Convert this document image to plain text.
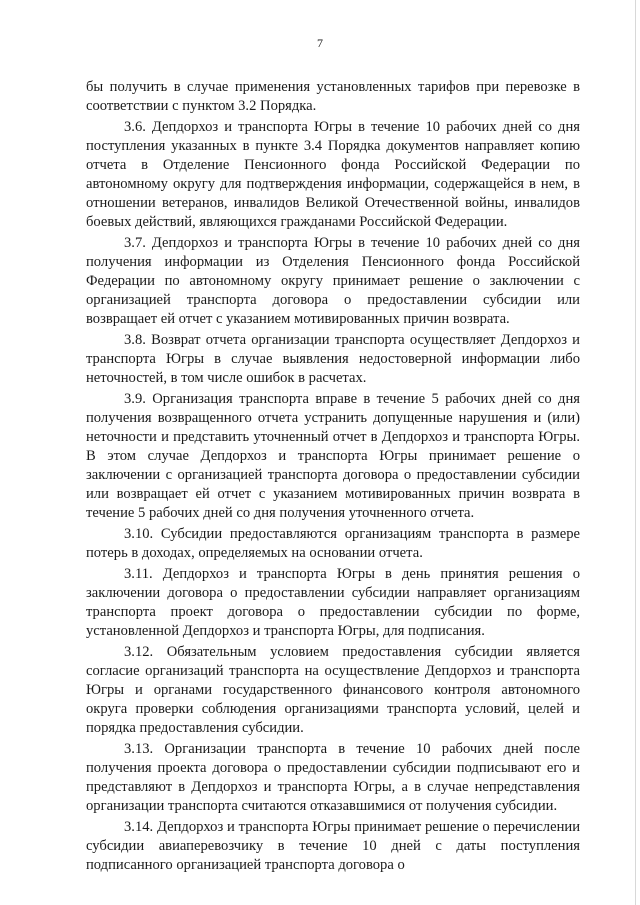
7

бы получить в случае применения установленных тарифов при перевозке в соответствии с пунктом 3.2 Порядка.

3.6. Депдорхоз и транспорта Югры в течение 10 рабочих дней со дня поступления указанных в пункте 3.4 Порядка документов направляет копию отчета в Отделение Пенсионного фонда Российской Федерации по автономному округу для подтверждения информации, содержащейся в нем, в отношении ветеранов, инвалидов Великой Отечественной войны, инвалидов боевых действий, являющихся гражданами Российской Федерации.

3.7. Депдорхоз и транспорта Югры в течение 10 рабочих дней со дня получения информации из Отделения Пенсионного фонда Российской Федерации по автономному округу принимает решение о заключении с организацией транспорта договора о предоставлении субсидии или возвращает ей отчет с указанием мотивированных причин возврата.

3.8. Возврат отчета организации транспорта осуществляет Депдорхоз и транспорта Югры в случае выявления недостоверной информации либо неточностей, в том числе ошибок в расчетах.

3.9. Организация транспорта вправе в течение 5 рабочих дней со дня получения возвращенного отчета устранить допущенные нарушения и (или) неточности и представить уточненный отчет в Депдорхоз и транспорта Югры. В этом случае Депдорхоз и транспорта Югры принимает решение о заключении с организацией транспорта договора о предоставлении субсидии или возвращает ей отчет с указанием мотивированных причин возврата в течение 5 рабочих дней со дня получения уточненного отчета.

3.10. Субсидии предоставляются организациям транспорта в размере потерь в доходах, определяемых на основании отчета.

3.11. Депдорхоз и транспорта Югры в день принятия решения о заключении договора о предоставлении субсидии направляет организациям транспорта проект договора о предоставлении субсидии по форме, установленной Депдорхоз и транспорта Югры, для подписания.

3.12. Обязательным условием предоставления субсидии является согласие организаций транспорта на осуществление Депдорхоз и транспорта Югры и органами государственного финансового контроля автономного округа проверки соблюдения организациями транспорта условий, целей и порядка предоставления субсидии.

3.13. Организации транспорта в течение 10 рабочих дней после получения проекта договора о предоставлении субсидии подписывают его и представляют в Депдорхоз и транспорта Югры, а в случае непредставления организации транспорта считаются отказавшимися от получения субсидии.

3.14. Депдорхоз и транспорта Югры принимает решение о перечислении субсидии авиаперевозчику в течение 10 дней с даты поступления подписанного организацией транспорта договора о
